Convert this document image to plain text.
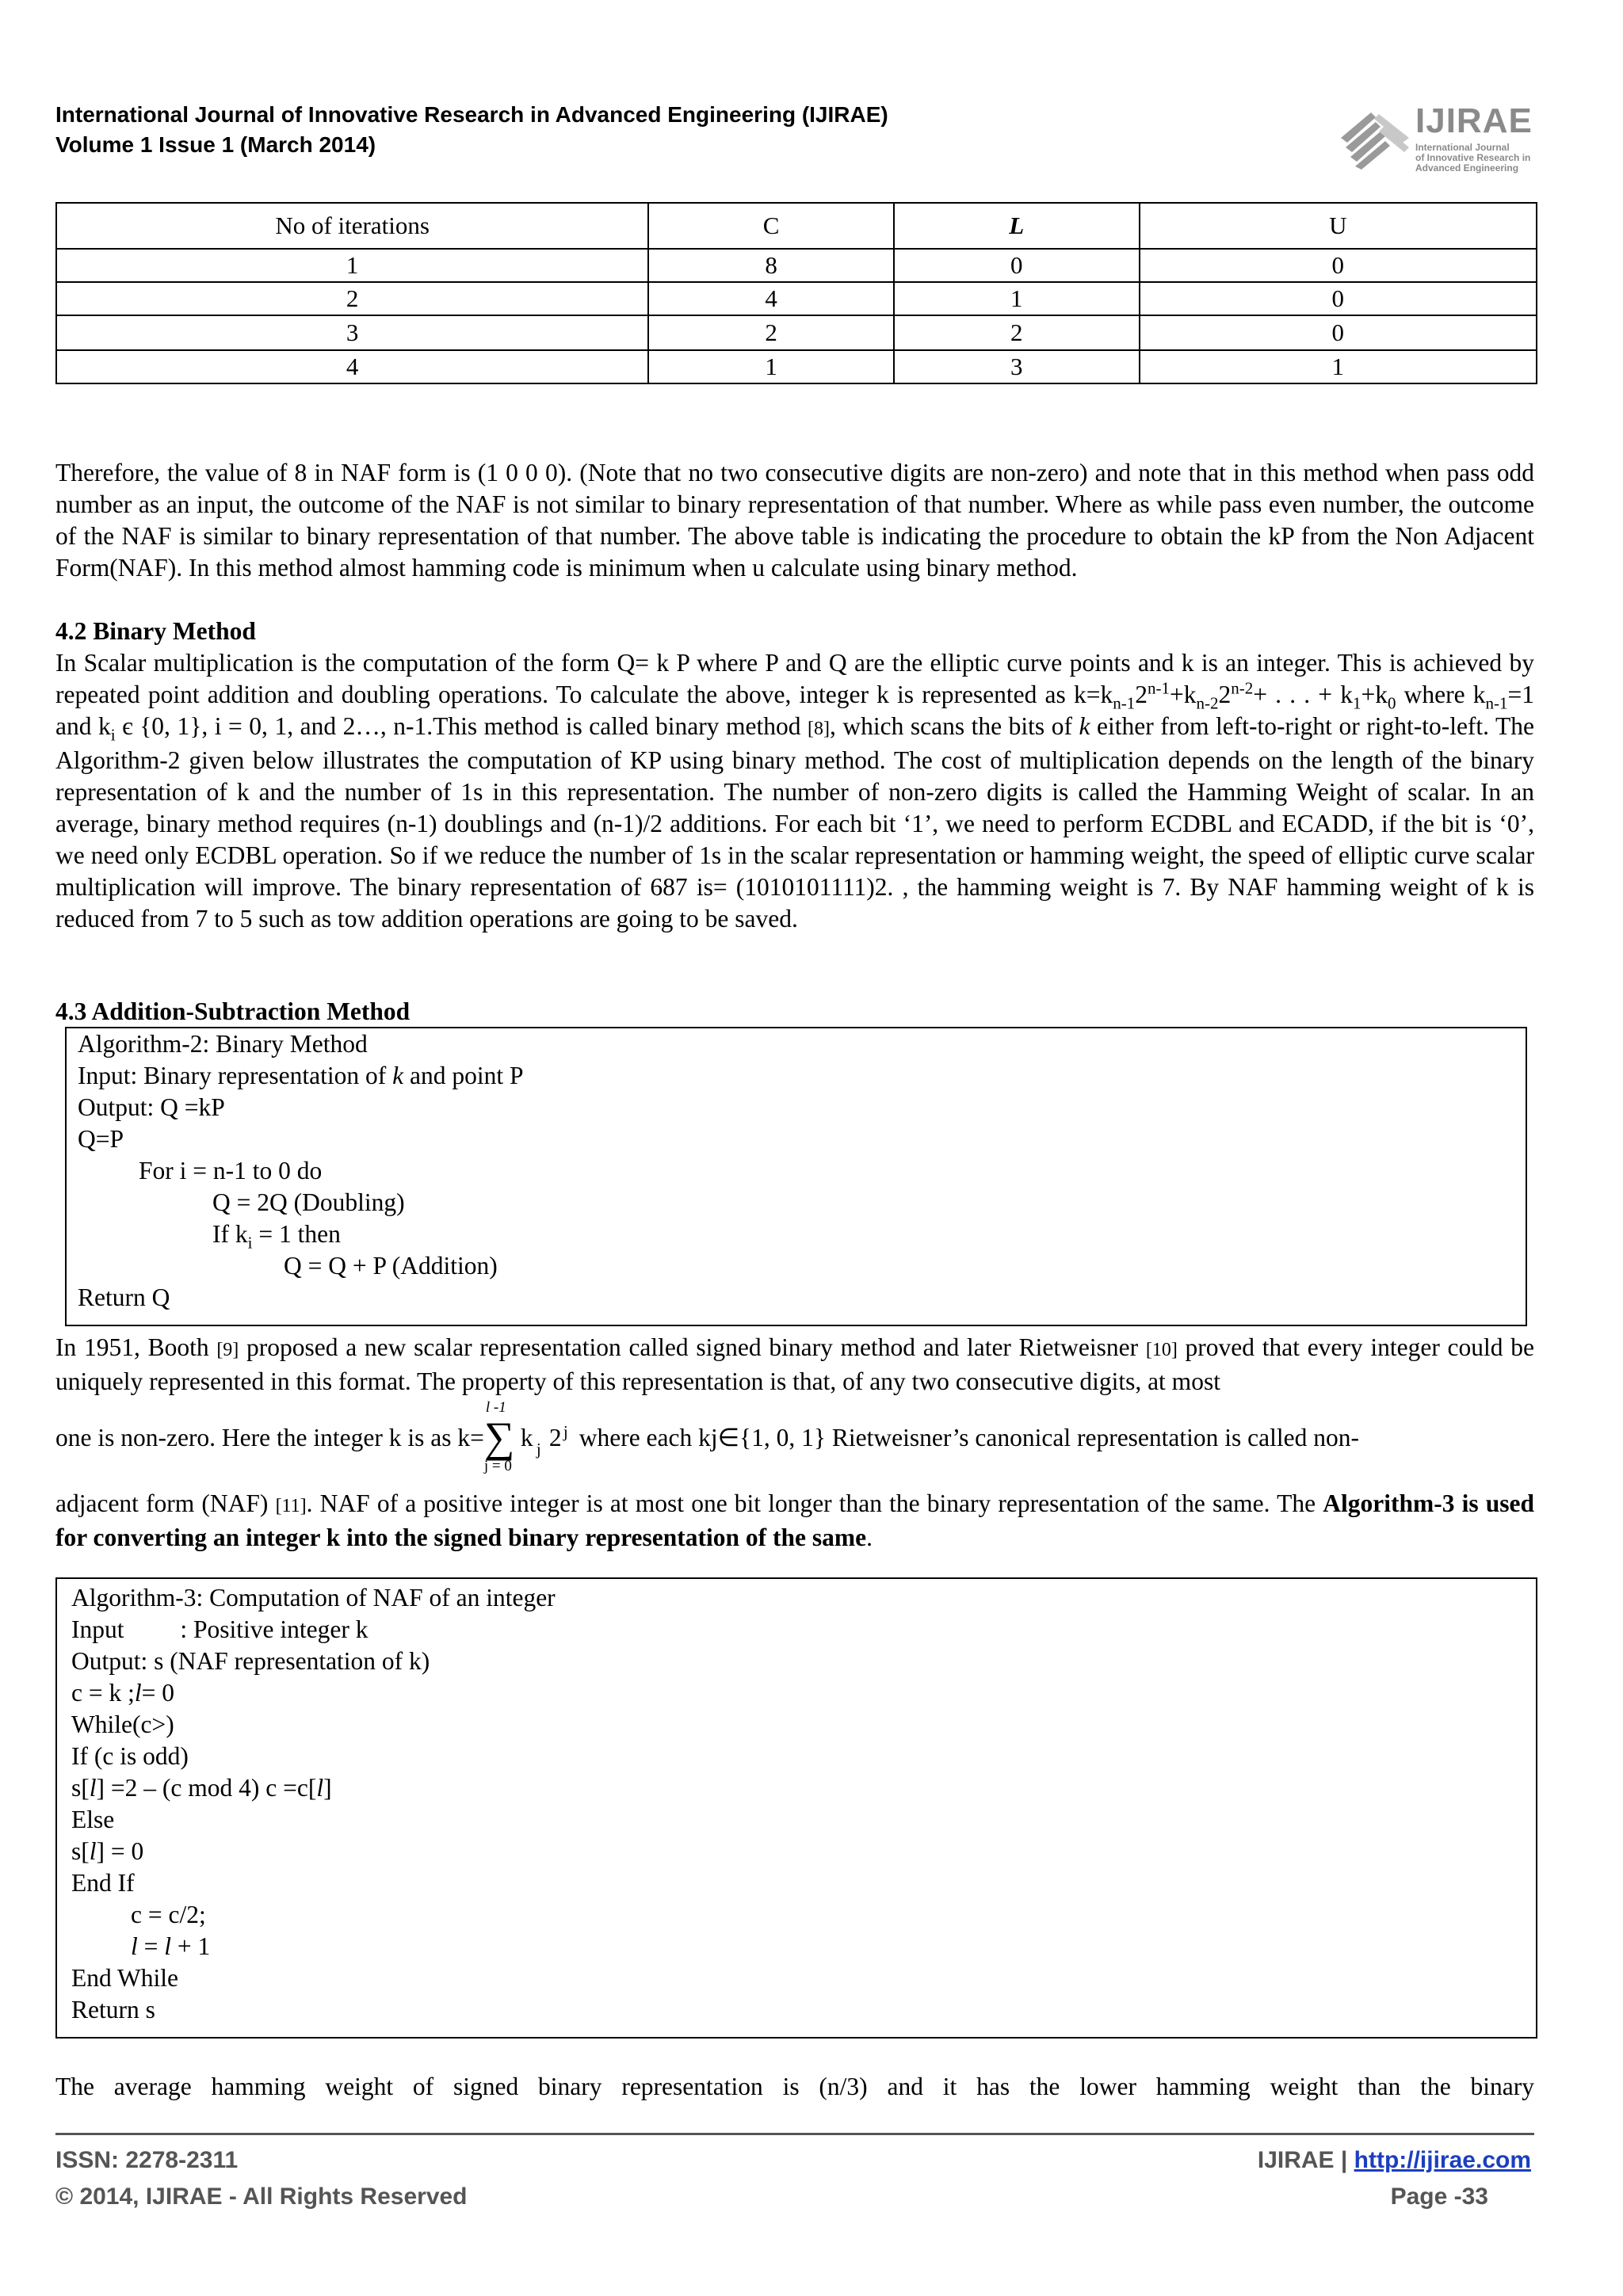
International Journal of Innovative Research in Advanced Engineering (IJIRAE)
Volume 1 Issue 1 (March 2014)
IJIRAE
International Journal
of Innovative Research in
Advanced Engineering
No of iterations	C	L	U
1	8	0	0
2	4	1	0
3	2	2	0
4	1	3	1
Therefore, the value of 8 in NAF form is (1 0 0 0). (Note that no two consecutive digits are non-zero) and note that in this method when pass odd number as an input, the outcome of the NAF is not similar to binary representation of that number. Where as while pass even number, the outcome of the NAF is similar to binary representation of that number. The above table is indicating the procedure to obtain the kP from the Non Adjacent Form(NAF). In this method almost hamming code is minimum when u calculate using binary method.
4.2 Binary Method
In Scalar multiplication is the computation of the form Q= k P where P and Q are the elliptic curve points and k is an integer. This is achieved by repeated point addition and doubling operations. To calculate the above, integer k is represented as $k=k_{n-1}2^{n-1}+k_{n-2}2^{n-2}+$ . . . + $k_1+k_0$ where $k_{n-1}=1$ and $k_i$ є {0, 1}, i = 0, 1, and 2…, n-1.This method is called binary method [8], which scans the bits of k either from left-to-right or right-to-left. The Algorithm-2 given below illustrates the computation of KP using binary method. The cost of multiplication depends on the length of the binary representation of k and the number of 1s in this representation. The number of non-zero digits is called the Hamming Weight of scalar. In an average, binary method requires (n-1) doublings and (n-1)/2 additions. For each bit ‘1’, we need to perform ECDBL and ECADD, if the bit is ‘0’, we need only ECDBL operation. So if we reduce the number of 1s in the scalar representation or hamming weight, the speed of elliptic curve scalar multiplication will improve. The binary representation of 687 is= (1010101111)2. , the hamming weight is 7. By NAF hamming weight of k is reduced from 7 to 5 such as tow addition operations are going to be saved.
4.3 Addition-Subtraction Method
Algorithm-2: Binary Method
Input: Binary representation of k and point P
Output: Q =kP
Q=P
For i = n-1 to 0 do
Q = 2Q (Doubling)
If $k_i = 1$ then
Q = Q + P (Addition)
Return Q
In 1951, Booth [9] proposed a new scalar representation called signed binary method and later Rietweisner [10] proved that every integer could be uniquely represented in this format. The property of this representation is that, of any two consecutive digits, at most
one is non-zero. Here the integer k is as k=
l -1
∑
j = 0
k j 2 j where each kj∈{1, 0, 1} Rietweisner’s canonical representation is called non-
adjacent form (NAF) [11]. NAF of a positive integer is at most one bit longer than the binary representation of the same. The Algorithm-3 is used for converting an integer k into the signed binary representation of the same.
Algorithm-3: Computation of NAF of an integer
Input         : Positive integer k
Output: s (NAF representation of k)
c = k ;l= 0
While(c>)
If (c is odd)
s[l] =2 – (c mod 4) c =c[l]
Else
s[l] = 0
End If
c = c/2;
l = l + 1
End While
Return s
The average hamming weight of signed binary representation is (n/3) and it has the lower hamming weight than the binary
ISSN: 2278-2311
© 2014, IJIRAE - All Rights Reserved
IJIRAE | http://ijirae.com
Page -33
